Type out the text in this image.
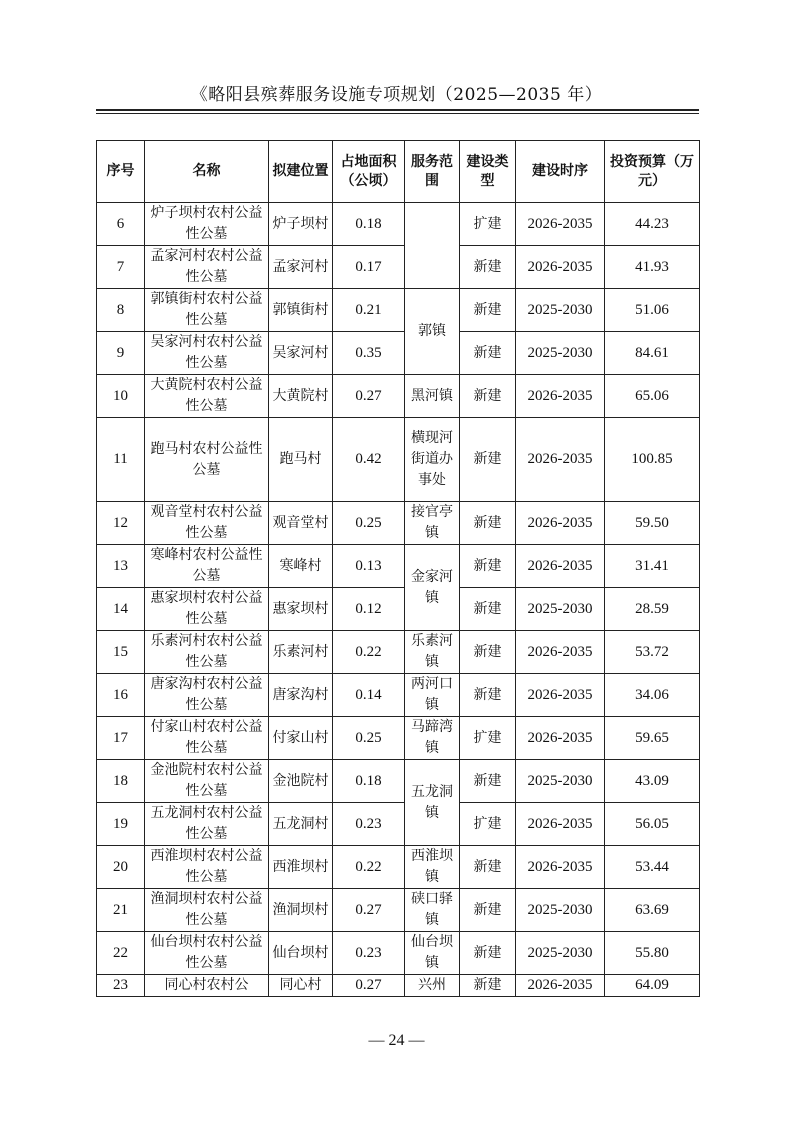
《略阳县殡葬服务设施专项规划（2025—2035 年）
序号	名称	拟建位置	占地面积（公顷）	服务范围	建设类型	建设时序	投资预算（万元）
6	炉子坝村农村公益性公墓	炉子坝村	0.18		扩建	2026-2035	44.23
7	孟家河村农村公益性公墓	孟家河村	0.17		新建	2026-2035	41.93
8	郭镇街村农村公益性公墓	郭镇街村	0.21	郭镇	新建	2025-2030	51.06
9	吴家河村农村公益性公墓	吴家河村	0.35		新建	2025-2030	84.61
10	大黄院村农村公益性公墓	大黄院村	0.27	黑河镇	新建	2026-2035	65.06
11	跑马村农村公益性公墓	跑马村	0.42	横现河街道办事处	新建	2026-2035	100.85
12	观音堂村农村公益性公墓	观音堂村	0.25	接官亭镇	新建	2026-2035	59.50
13	寒峰村农村公益性公墓	寒峰村	0.13	金家河镇	新建	2026-2035	31.41
14	惠家坝村农村公益性公墓	惠家坝村	0.12		新建	2025-2030	28.59
15	乐素河村农村公益性公墓	乐素河村	0.22	乐素河镇	新建	2026-2035	53.72
16	唐家沟村农村公益性公墓	唐家沟村	0.14	两河口镇	新建	2026-2035	34.06
17	付家山村农村公益性公墓	付家山村	0.25	马蹄湾镇	扩建	2026-2035	59.65
18	金池院村农村公益性公墓	金池院村	0.18	五龙洞镇	新建	2025-2030	43.09
19	五龙洞村农村公益性公墓	五龙洞村	0.23		扩建	2026-2035	56.05
20	西淮坝村农村公益性公墓	西淮坝村	0.22	西淮坝镇	新建	2026-2035	53.44
21	渔洞坝村农村公益性公墓	渔洞坝村	0.27	硖口驿镇	新建	2025-2030	63.69
22	仙台坝村农村公益性公墓	仙台坝村	0.23	仙台坝镇	新建	2025-2030	55.80
23	同心村农村公	同心村	0.27	兴州	新建	2026-2035	64.09
— 24 —
